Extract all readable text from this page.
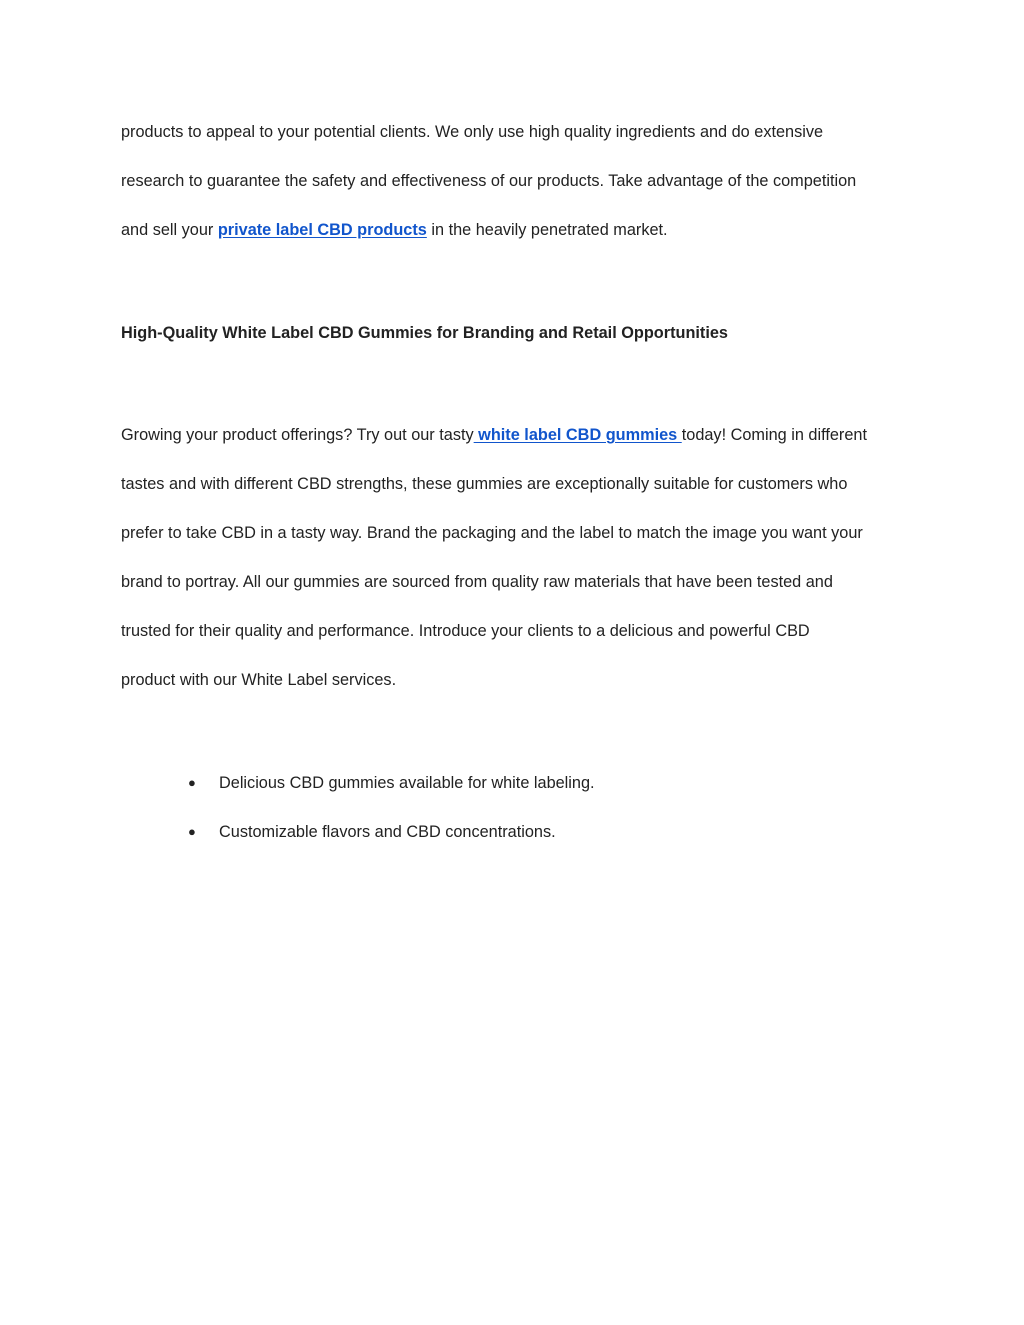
products to appeal to your potential clients. We only use high quality ingredients and do extensive

research to guarantee the safety and effectiveness of our products. Take advantage of the competition

and sell your private label CBD products in the heavily penetrated market.

High-Quality White Label CBD Gummies for Branding and Retail Opportunities

Growing your product offerings? Try out our tasty white label CBD gummies today! Coming in different

tastes and with different CBD strengths, these gummies are exceptionally suitable for customers who

prefer to take CBD in a tasty way. Brand the packaging and the label to match the image you want your

brand to portray. All our gummies are sourced from quality raw materials that have been tested and

trusted for their quality and performance. Introduce your clients to a delicious and powerful CBD

product with our White Label services.

●	Delicious CBD gummies available for white labeling.
●	Customizable flavors and CBD concentrations.
